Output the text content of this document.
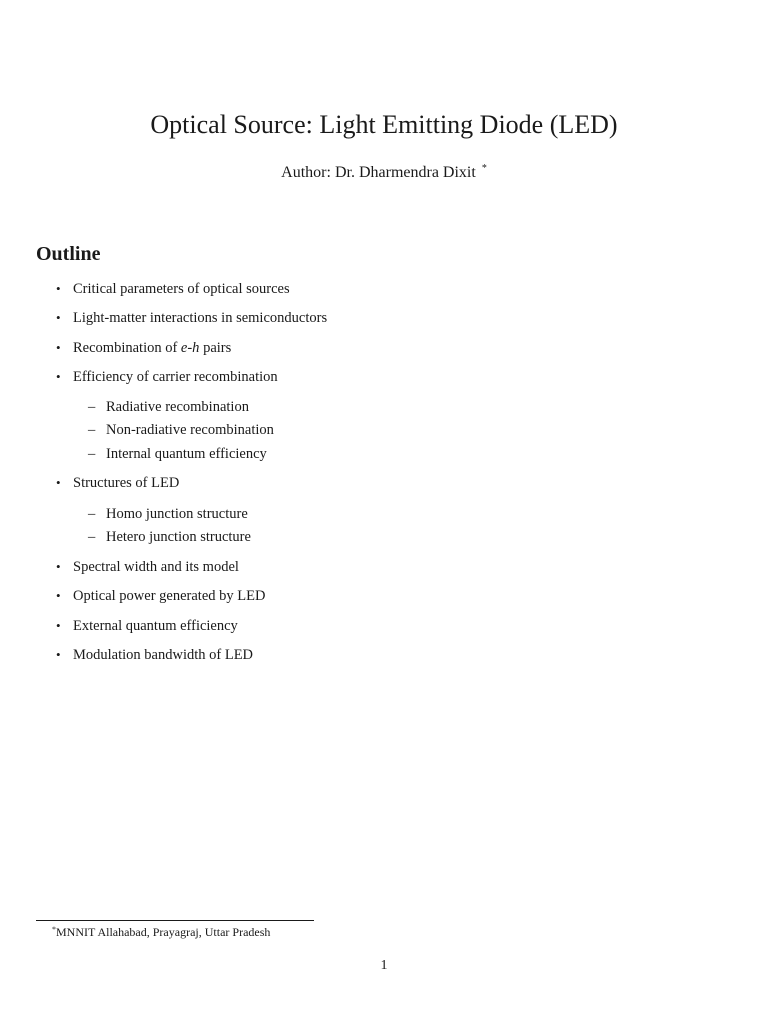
Optical Source: Light Emitting Diode (LED)
Author: Dr. Dharmendra Dixit *
Outline
• Critical parameters of optical sources
• Light-matter interactions in semiconductors
• Recombination of e-h pairs
• Efficiency of carrier recombination
– Radiative recombination
– Non-radiative recombination
– Internal quantum efficiency
• Structures of LED
– Homo junction structure
– Hetero junction structure
• Spectral width and its model
• Optical power generated by LED
• External quantum efficiency
• Modulation bandwidth of LED
*MNNIT Allahabad, Prayagraj, Uttar Pradesh
1
